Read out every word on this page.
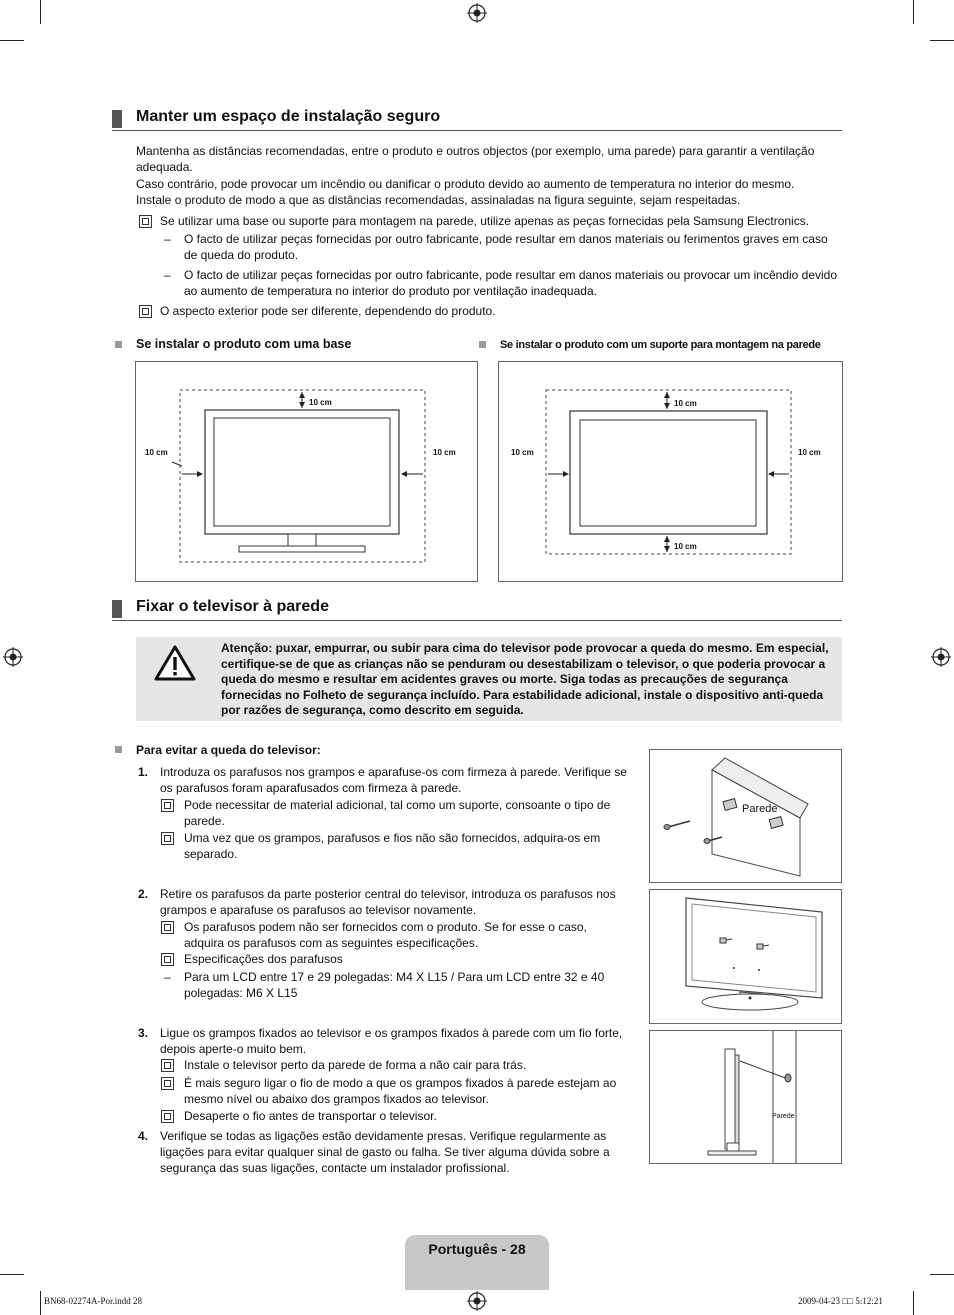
Manter um espaço de instalação seguro
Mantenha as distâncias recomendadas, entre o produto e outros objectos (por exemplo, uma parede) para garantir a ventilação adequada.
Caso contrário, pode provocar um incêndio ou danificar o produto devido ao aumento de temperatura no interior do mesmo.
Instale o produto de modo a que as distâncias recomendadas, assinaladas na figura seguinte, sejam respeitadas.
Se utilizar uma base ou suporte para montagem na parede, utilize apenas as peças fornecidas pela Samsung Electronics.
– O facto de utilizar peças fornecidas por outro fabricante, pode resultar em danos materiais ou ferimentos graves em caso de queda do produto.
– O facto de utilizar peças fornecidas por outro fabricante, pode resultar em danos materiais ou provocar um incêndio devido ao aumento de temperatura no interior do produto por ventilação inadequada.
O aspecto exterior pode ser diferente, dependendo do produto.
Se instalar o produto com uma base	Se instalar o produto com um suporte para montagem na parede
10 cm
10 cm	10 cm
10 cm
10 cm	10 cm
10 cm
Fixar o televisor à parede
Atenção: puxar, empurrar, ou subir para cima do televisor pode provocar a queda do mesmo. Em especial, certifique-se de que as crianças não se penduram ou desestabilizam o televisor, o que poderia provocar a queda do mesmo e resultar em acidentes graves ou morte. Siga todas as precauções de segurança fornecidas no Folheto de segurança incluído. Para estabilidade adicional, instale o dispositivo anti-queda por razões de segurança, como descrito em seguida.
Para evitar a queda do televisor:
1. Introduza os parafusos nos grampos e aparafuse-os com firmeza à parede. Verifique se os parafusos foram aparafusados com firmeza à parede.
Pode necessitar de material adicional, tal como um suporte, consoante o tipo de parede.
Uma vez que os grampos, parafusos e fios não são fornecidos, adquira-os em separado.
2. Retire os parafusos da parte posterior central do televisor, introduza os parafusos nos grampos e aparafuse os parafusos ao televisor novamente.
Os parafusos podem não ser fornecidos com o produto. Se for esse o caso, adquira os parafusos com as seguintes especificações.
Especificações dos parafusos
– Para um LCD entre 17 e 29 polegadas: M4 X L15 / Para um LCD entre 32 e 40 polegadas: M6 X L15
3. Ligue os grampos fixados ao televisor e os grampos fixados à parede com um fio forte, depois aperte-o muito bem.
Instale o televisor perto da parede de forma a não cair para trás.
É mais seguro ligar o fio de modo a que os grampos fixados à parede estejam ao mesmo nível ou abaixo dos grampos fixados ao televisor.
Desaperte o fio antes de transportar o televisor.
4. Verifique se todas as ligações estão devidamente presas. Verifique regularmente as ligações para evitar qualquer sinal de gasto ou falha. Se tiver alguma dúvida sobre a segurança das suas ligações, contacte um instalador profissional.
Parede
Parede
Português - 28
BN68-02274A-Por.indd 28	2009-04-23 □□ 5:12:21
